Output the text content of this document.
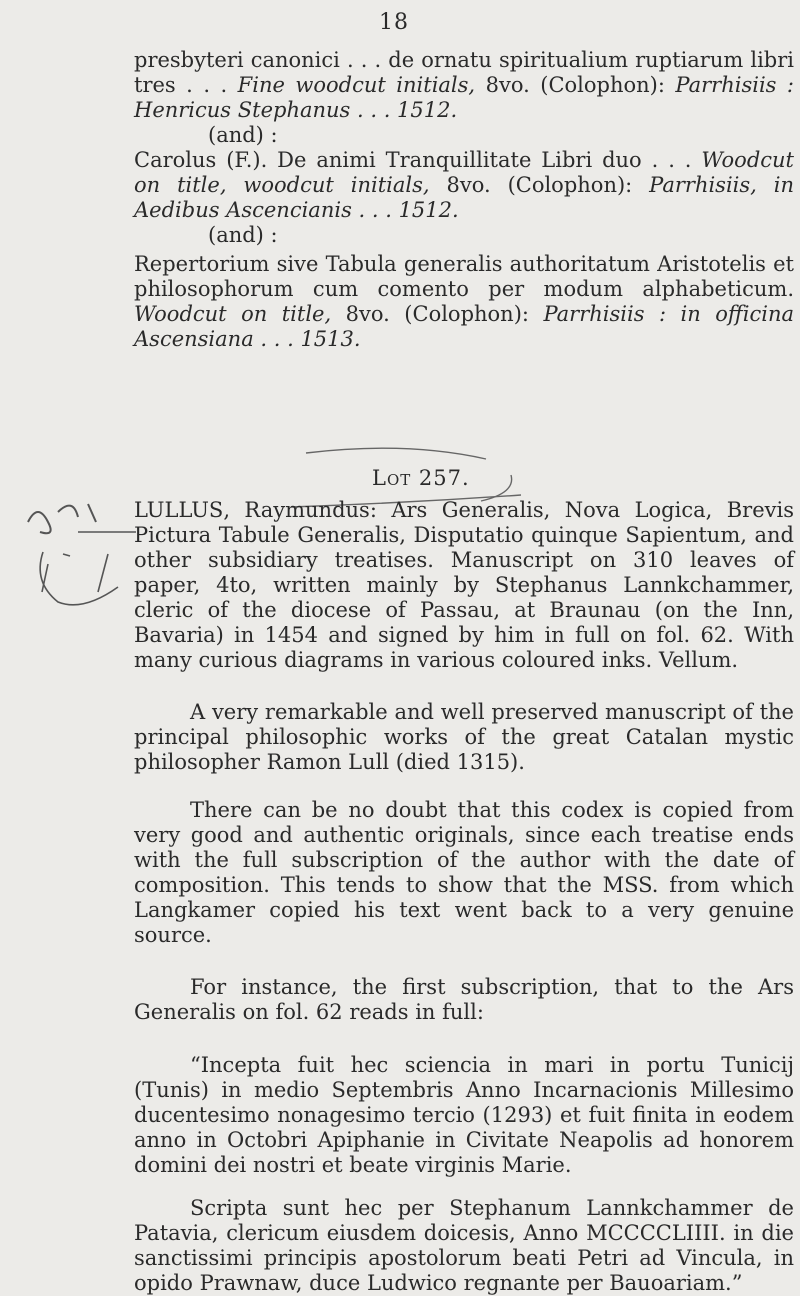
18

presbyteri canonici . . . de ornatu spiritualium ruptiarum libri tres . . . Fine woodcut initials, 8vo. (Colophon): Parrhisiis : Henricus Stephanus . . . 1512.

(and) :

Carolus (F.). De animi Tranquillitate Libri duo . . . Woodcut on title, woodcut initials, 8vo. (Colophon): Parrhisiis, in Aedibus Ascencianis . . . 1512.

(and) :

Repertorium sive Tabula generalis authoritatum Aristotelis et philosophorum cum comento per modum alphabeticum. Woodcut on title, 8vo. (Colophon): Parrhisiis : in officina Ascensiana . . . 1513.

Lot 257.

LULLUS, Raymundus: Ars Generalis, Nova Logica, Brevis Pictura Tabule Generalis, Disputatio quinque Sapientum, and other subsidiary treatises. Manuscript on 310 leaves of paper, 4to, written mainly by Stephanus Lannkchammer, cleric of the diocese of Passau, at Braunau (on the Inn, Bavaria) in 1454 and signed by him in full on fol. 62. With many curious diagrams in various coloured inks. Vellum.

A very remarkable and well preserved manuscript of the principal philosophic works of the great Catalan mystic philosopher Ramon Lull (died 1315).

There can be no doubt that this codex is copied from very good and authentic originals, since each treatise ends with the full subscription of the author with the date of composition. This tends to show that the MSS. from which Langkamer copied his text went back to a very genuine source.

For instance, the first subscription, that to the Ars Generalis on fol. 62 reads in full:

“Incepta fuit hec sciencia in mari in portu Tunicij (Tunis) in medio Septembris Anno Incarnacionis Millesimo ducentesimo nonagesimo tercio (1293) et fuit finita in eodem anno in Octobri Apiphanie in Civitate Neapolis ad honorem domini dei nostri et beate virginis Marie.

Scripta sunt hec per Stephanum Lannkchammer de Patavia, clericum eiusdem doicesis, Anno MCCCCLIIII. in die sanctissimi principis apostolorum beati Petri ad Vincula, in opido Prawnaw, duce Ludwico regnante per Bauoariam.”
